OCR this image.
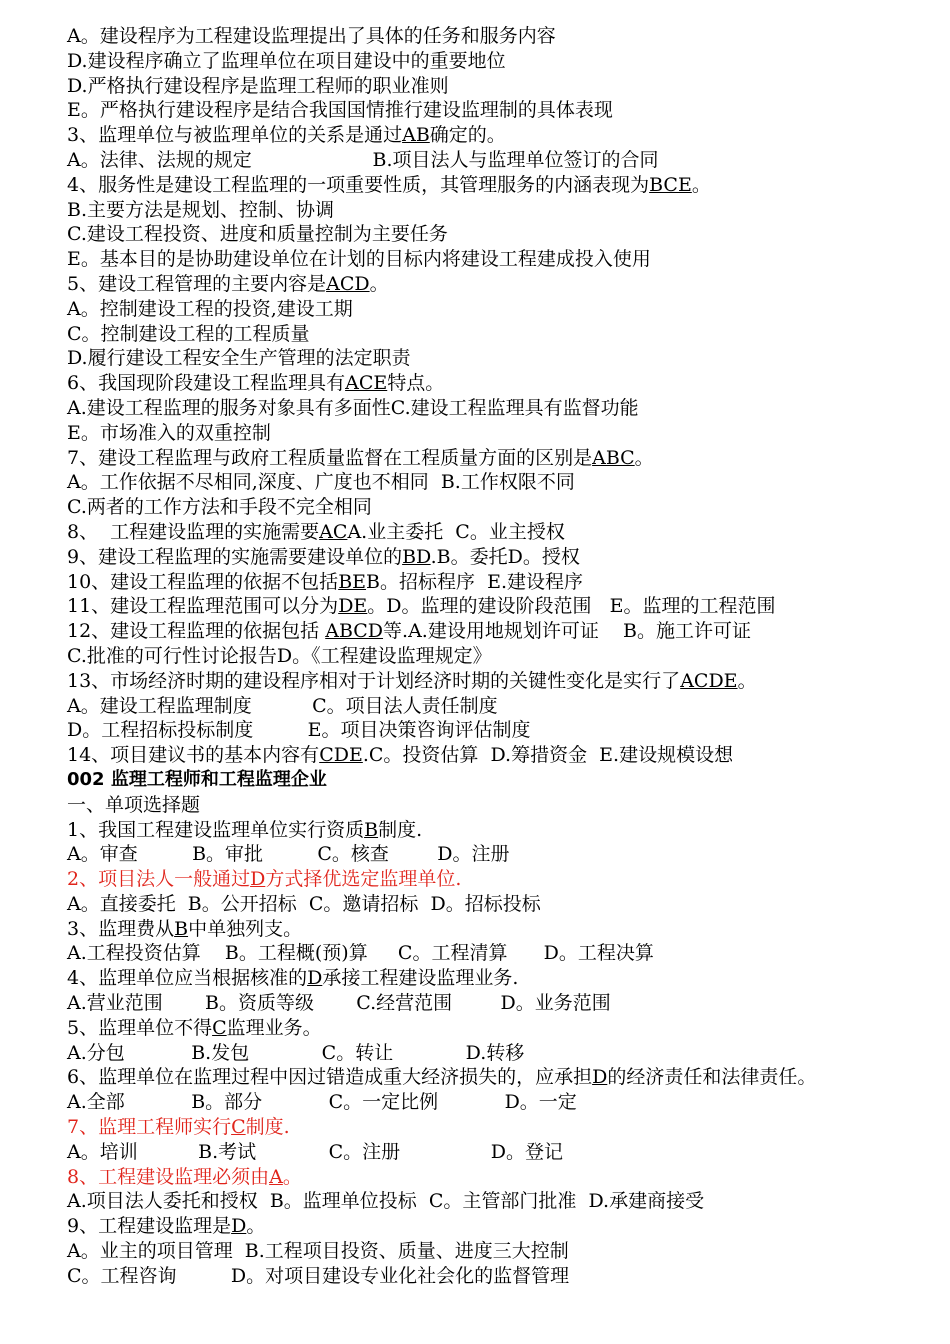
A。建设程序为工程建设监理提出了具体的任务和服务内容
D.建设程序确立了监理单位在项目建设中的重要地位
D.严格执行建设程序是监理工程师的职业准则
E。严格执行建设程序是结合我国国情推行建设监理制的具体表现
3、监理单位与被监理单位的关系是通过AB确定的。
A。法律、法规的规定                    B.项目法人与监理单位签订的合同
4、服务性是建设工程监理的一项重要性质，其管理服务的内涵表现为BCE。
B.主要方法是规划、控制、协调
C.建设工程投资、进度和质量控制为主要任务
E。基本目的是协助建设单位在计划的目标内将建设工程建成投入使用
5、建设工程管理的主要内容是ACD。
A。控制建设工程的投资,建设工期
C。控制建设工程的工程质量
D.履行建设工程安全生产管理的法定职责
6、我国现阶段建设工程监理具有ACE特点。
A.建设工程监理的服务对象具有多面性C.建设工程监理具有监督功能
E。市场准入的双重控制
7、建设工程监理与政府工程质量监督在工程质量方面的区别是ABC。
A。工作依据不尽相同,深度、广度也不相同  B.工作权限不同
C.两者的工作方法和手段不完全相同
8、  工程建设监理的实施需要ACA.业主委托  C。业主授权
9、建设工程监理的实施需要建设单位的BD.B。委托D。授权
10、建设工程监理的依据不包括BEB。招标程序  E.建设程序
11、建设工程监理范围可以分为DE。D。监理的建设阶段范围   E。监理的工程范围
12、建设工程监理的依据包括 ABCD等.A.建设用地规划许可证    B。施工许可证
C.批准的可行性讨论报告D。《工程建设监理规定》
13、市场经济时期的建设程序相对于计划经济时期的关键性变化是实行了ACDE。
A。建设工程监理制度          C。项目法人责任制度
D。工程招标投标制度         E。项目决策咨询评估制度
14、项目建议书的基本内容有CDE.C。投资估算  D.筹措资金  E.建设规模设想
002 监理工程师和工程监理企业
一、单项选择题
1、我国工程建设监理单位实行资质B制度.
A。审查         B。审批         C。核查        D。注册
2、项目法人一般通过D方式择优选定监理单位.
A。直接委托  B。公开招标  C。邀请招标  D。招标投标
3、监理费从B中单独列支。
A.工程投资估算    B。工程概(预)算     C。工程清算      D。工程决算
4、监理单位应当根据核准的D承接工程建设监理业务.
A.营业范围       B。资质等级       C.经营范围        D。业务范围
5、监理单位不得C监理业务。
A.分包           B.发包            C。转让            D.转移
6、监理单位在监理过程中因过错造成重大经济损失的，应承担D的经济责任和法律责任。
A.全部           B。部分           C。一定比例           D。一定
7、监理工程师实行C制度.
A。培训          B.考试            C。注册               D。登记
8、工程建设监理必须由A。
A.项目法人委托和授权  B。监理单位投标  C。主管部门批准  D.承建商接受
9、工程建设监理是D。
A。业主的项目管理  B.工程项目投资、质量、进度三大控制
C。工程咨询         D。对项目建设专业化社会化的监督管理
